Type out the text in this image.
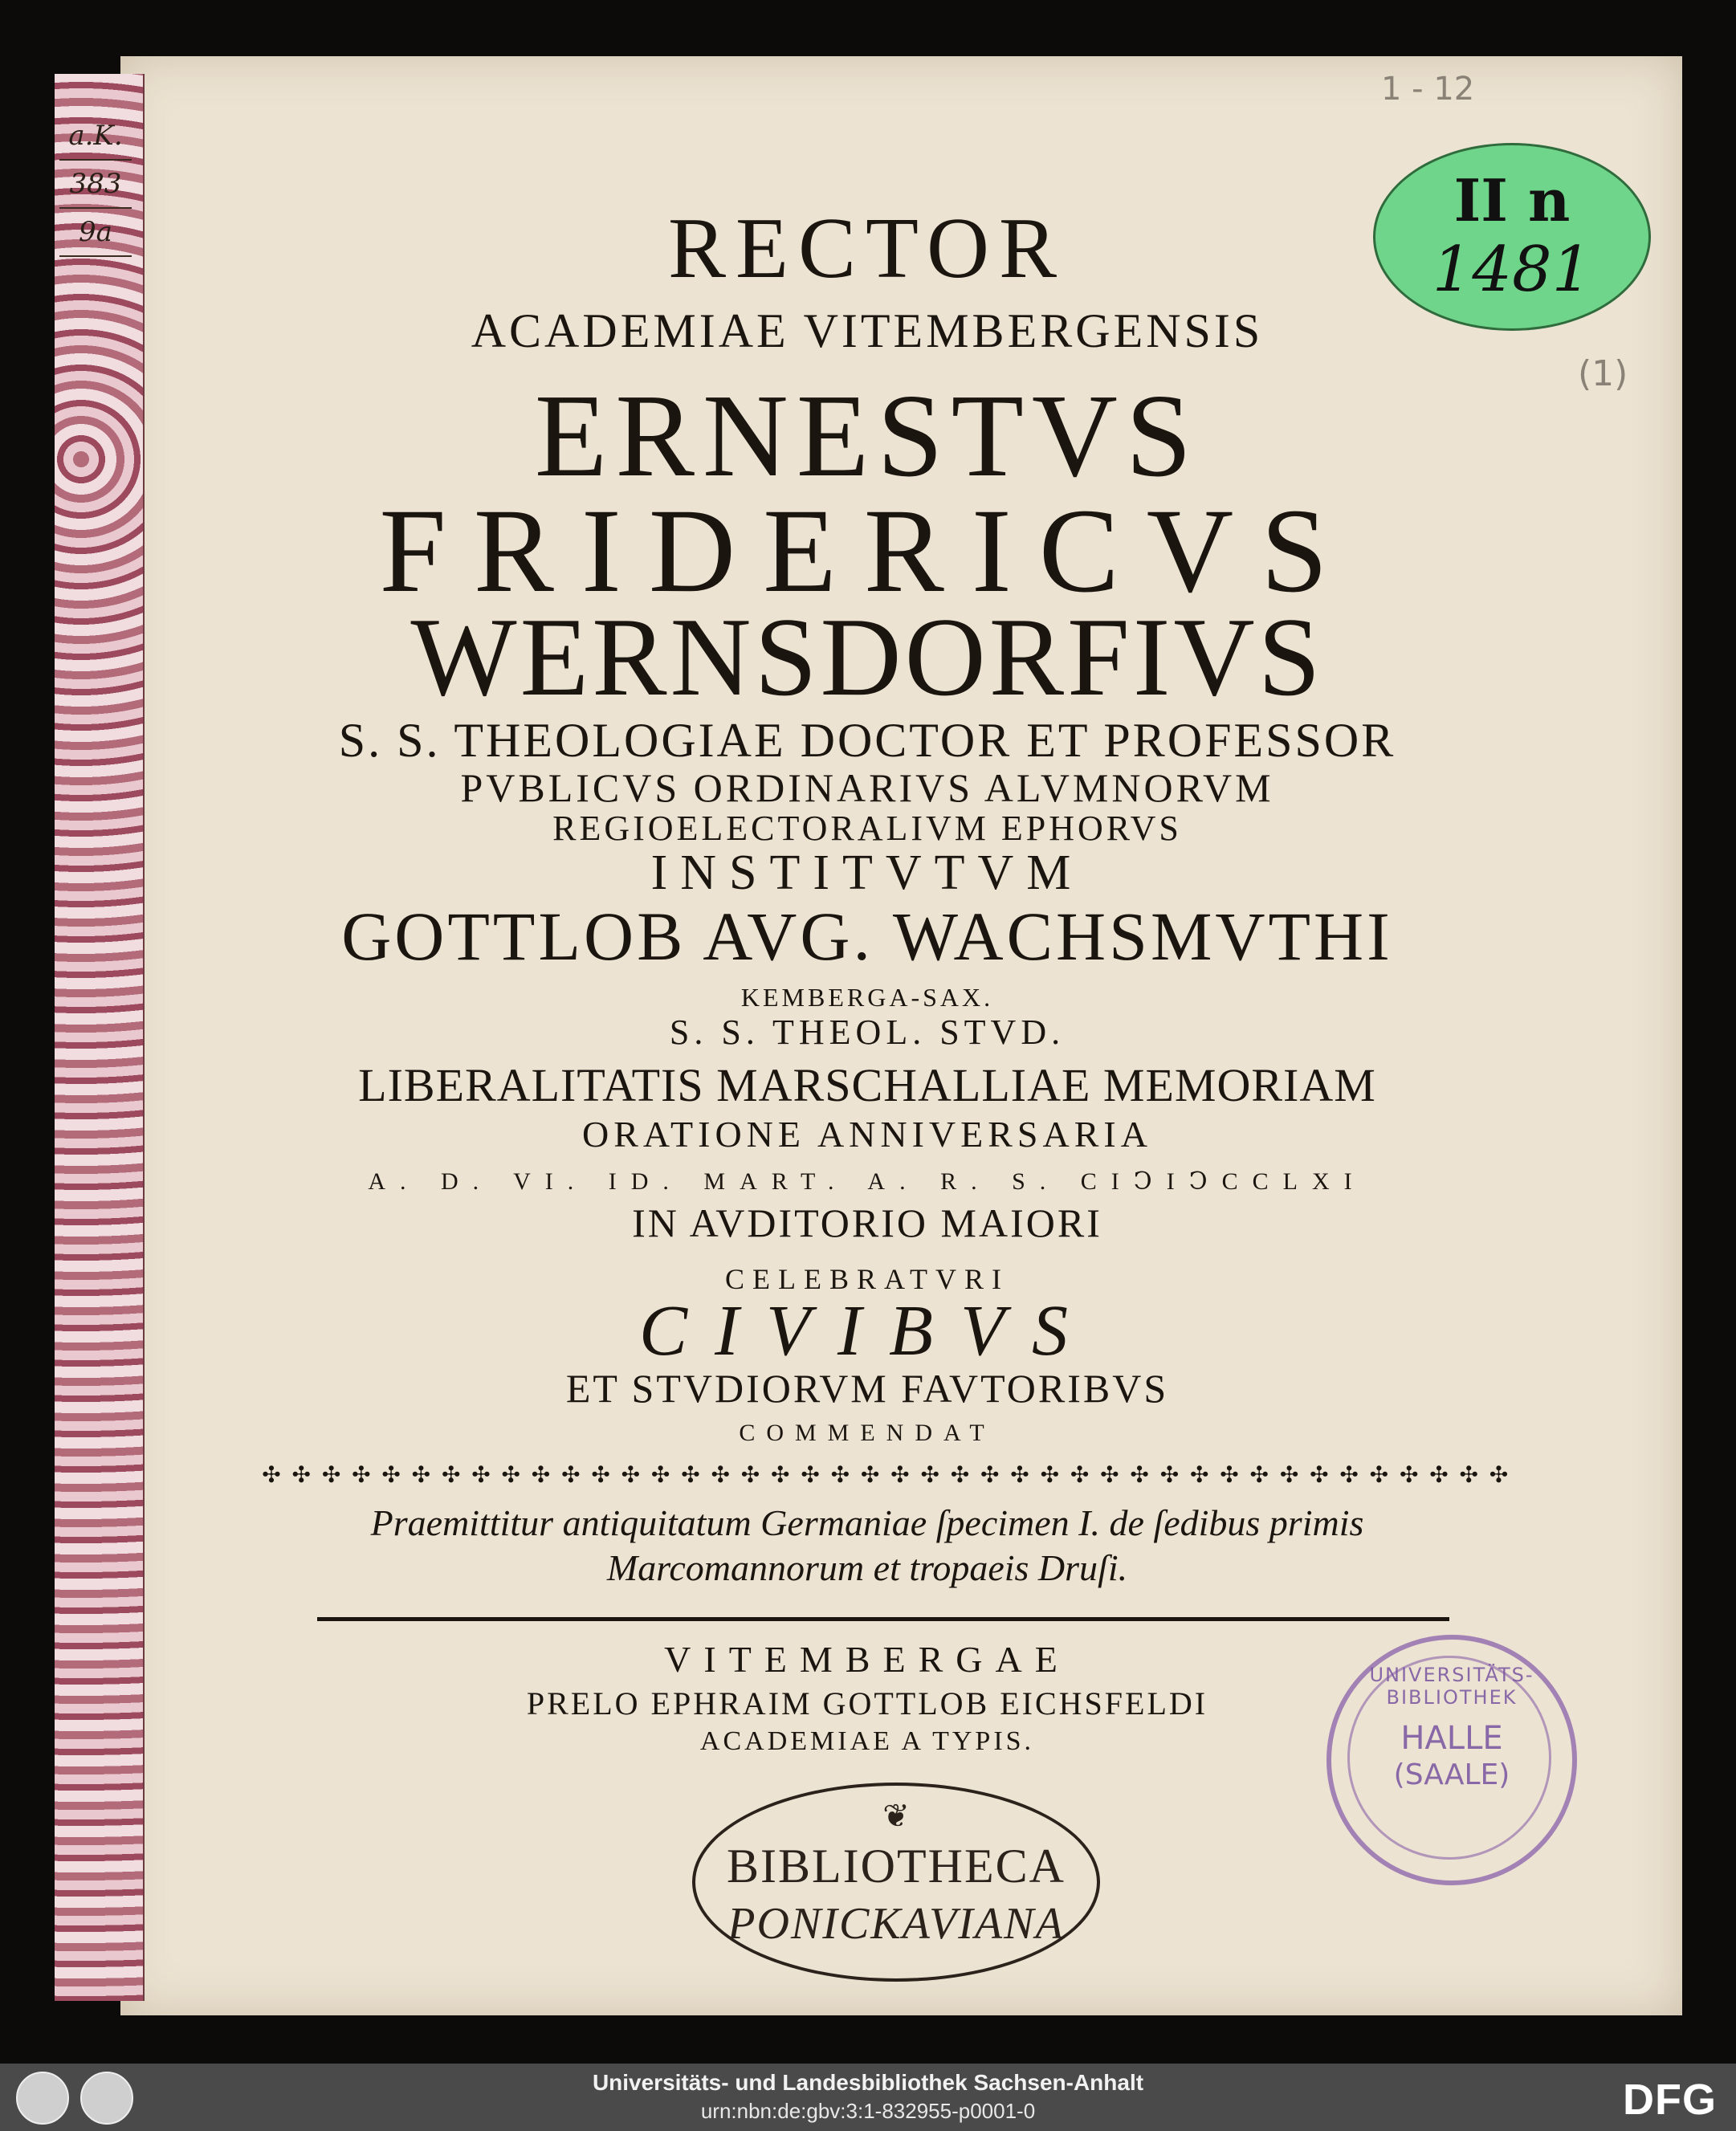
a.K.
383
9a
1 - 12
(1)
II n
1481
RECTOR
ACADEMIAE VITEMBERGENSIS
ERNESTVS
FRIDERICVS
WERNSDORFIVS
S. S. THEOLOGIAE DOCTOR ET PROFESSOR
PVBLICVS ORDINARIVS ALVMNORVM
REGIOELECTORALIVM EPHORVS
INSTITVTVM
GOTTLOB AVG. WACHSMVTHI
KEMBERGA-SAX.
S. S. THEOL. STVD.
LIBERALITATIS MARSCHALLIAE MEMORIAM
ORATIONE ANNIVERSARIA
A. D. VI. ID. MART. A. R. S. CIↃIↃCCLXI
IN AVDITORIO MAIORI
CELEBRATVRI
CIVIBVS
ET STVDIORVM FAVTORIBVS
COMMENDAT
✣ ✣ ✣ ✣ ✣ ✣ ✣ ✣ ✣ ✣ ✣ ✣ ✣ ✣ ✣ ✣ ✣ ✣ ✣ ✣ ✣ ✣ ✣ ✣ ✣ ✣ ✣ ✣ ✣ ✣ ✣ ✣ ✣ ✣ ✣ ✣ ✣ ✣ ✣ ✣ ✣ ✣
Praemittitur antiquitatum Germaniae ſpecimen I. de ſedibus primis
Marcomannorum et tropaeis Druſi.
VITEMBERGAE
PRELO EPHRAIM GOTTLOB EICHSFELDI
ACADEMIAE A TYPIS.
UNIVERSITÄTS-BIBLIOTHEK
HALLE
(SAALE)
❦
BIBLIOTHECA
PONICKAVIANA
Universitäts- und Landesbibliothek Sachsen-Anhalt
urn:nbn:de:gbv:3:1-832955-p0001-0	DFG
